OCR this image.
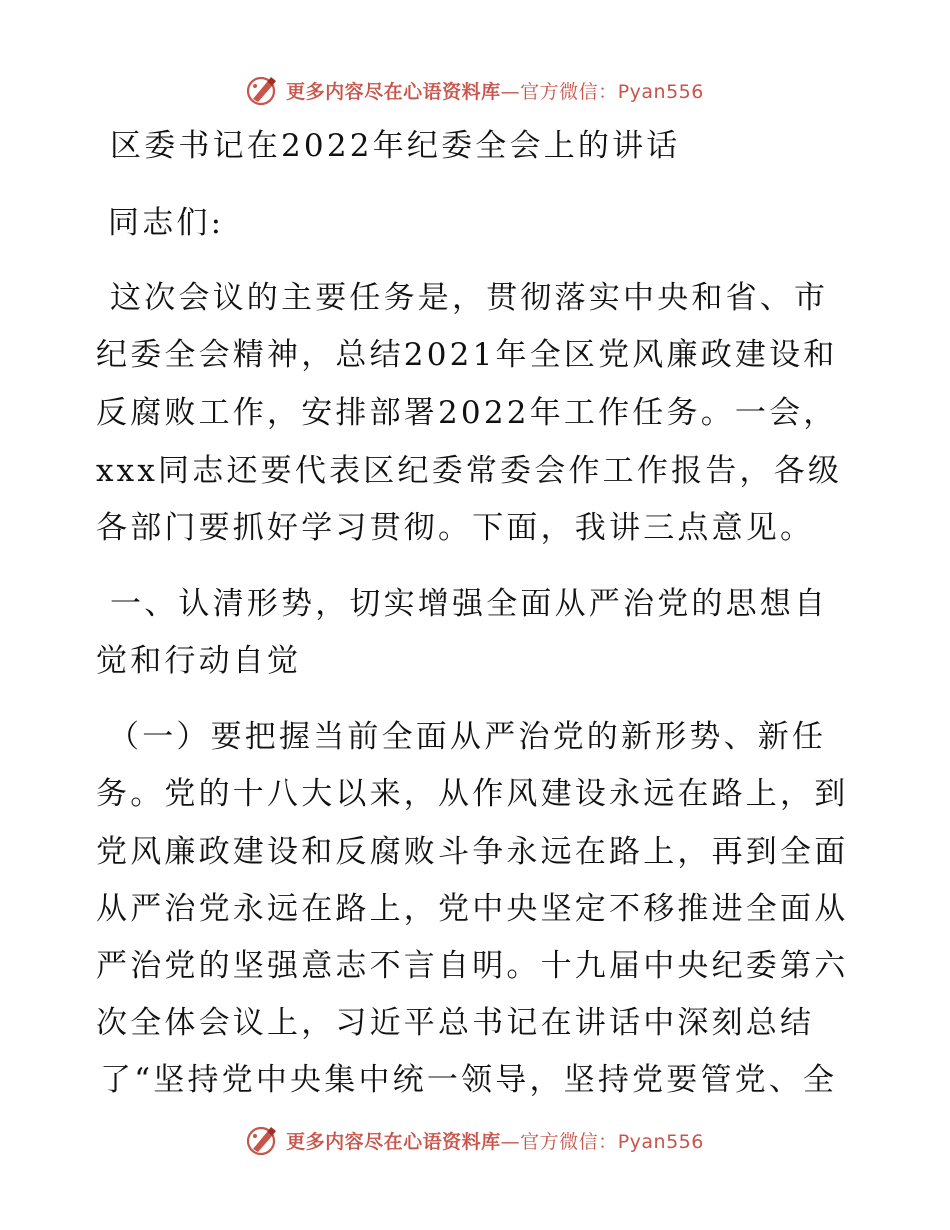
更多内容尽在心语资料库—官方微信：Pyan556
区委书记在2022年纪委全会上的讲话
同志们:
这次会议的主要任务是，贯彻落实中央和省、市
纪委全会精神，总结2021年全区党风廉政建设和
反腐败工作，安排部署2022年工作任务。一会，
xxx同志还要代表区纪委常委会作工作报告，各级
各部门要抓好学习贯彻。下面，我讲三点意见。
一、认清形势，切实增强全面从严治党的思想自
觉和行动自觉
（一）要把握当前全面从严治党的新形势、新任
务。党的十八大以来，从作风建设永远在路上，到
党风廉政建设和反腐败斗争永远在路上，再到全面
从严治党永远在路上，党中央坚定不移推进全面从
严治党的坚强意志不言自明。十九届中央纪委第六
次全体会议上，习近平总书记在讲话中深刻总结
了“坚持党中央集中统一领导，坚持党要管党、全
更多内容尽在心语资料库—官方微信：Pyan556
